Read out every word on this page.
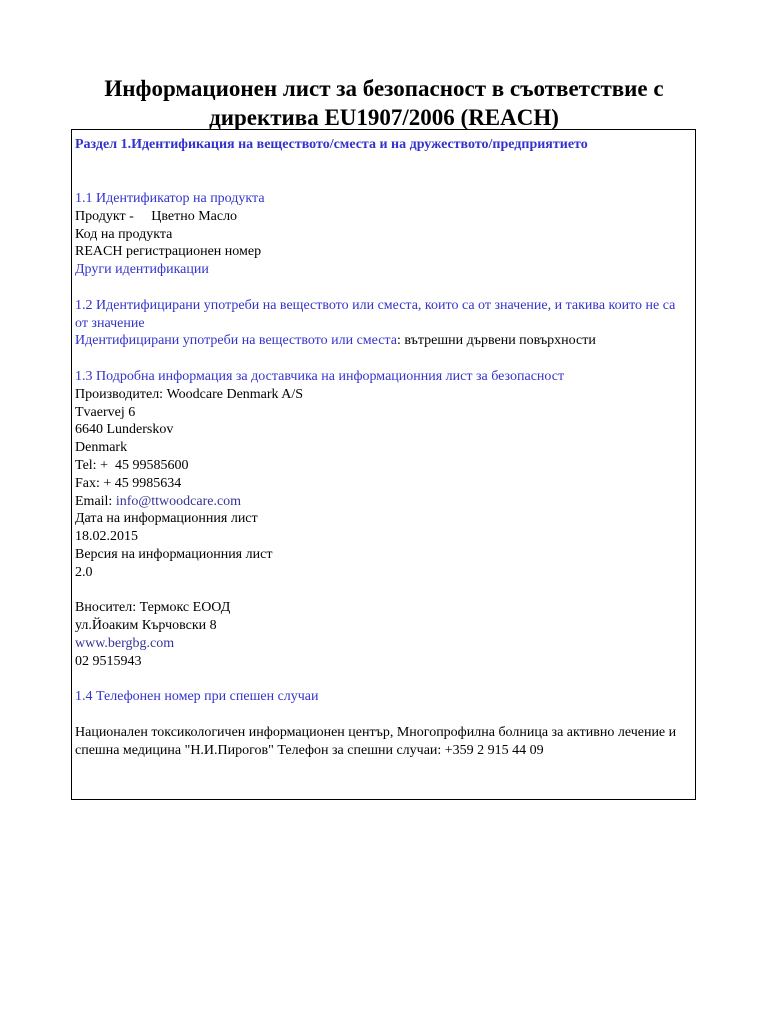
Информационен лист за безопасност в съответствие с
директива EU1907/2006 (REACH)
Раздел 1.Идентификация на веществото/сместа и на дружеството/предприятието
1.1 Идентификатор на продукта
Продукт -     Цветно Масло
Код на продукта
REACH регистрационен номер
Други идентификации
1.2 Идентифицирани употреби на веществото или сместа, които са от значение, и такива които не са от значение
Идентифицирани употреби на веществото или сместа: вътрешни дървени повърхности
1.3 Подробна информация за доставчика на информационния лист за безопасност
Производител: Woodcare Denmark A/S
Tvaervej 6
6640 Lunderskov
Denmark
Tel: +  45 99585600
Fax: + 45 9985634
Email: info@ttwoodcare.com
Дата на информационния лист
18.02.2015
Версия на информационния лист
2.0
Вносител: Термокс ЕООД
ул.Йоаким Кърчовски 8
www.bergbg.com
02 9515943
1.4 Телефонен номер при спешен случаи
Национален токсикологичен информационен център, Многопрофилна болница за активно лечение и спешна медицина "Н.И.Пирогов" Телефон за спешни случаи: +359 2 915 44 09
